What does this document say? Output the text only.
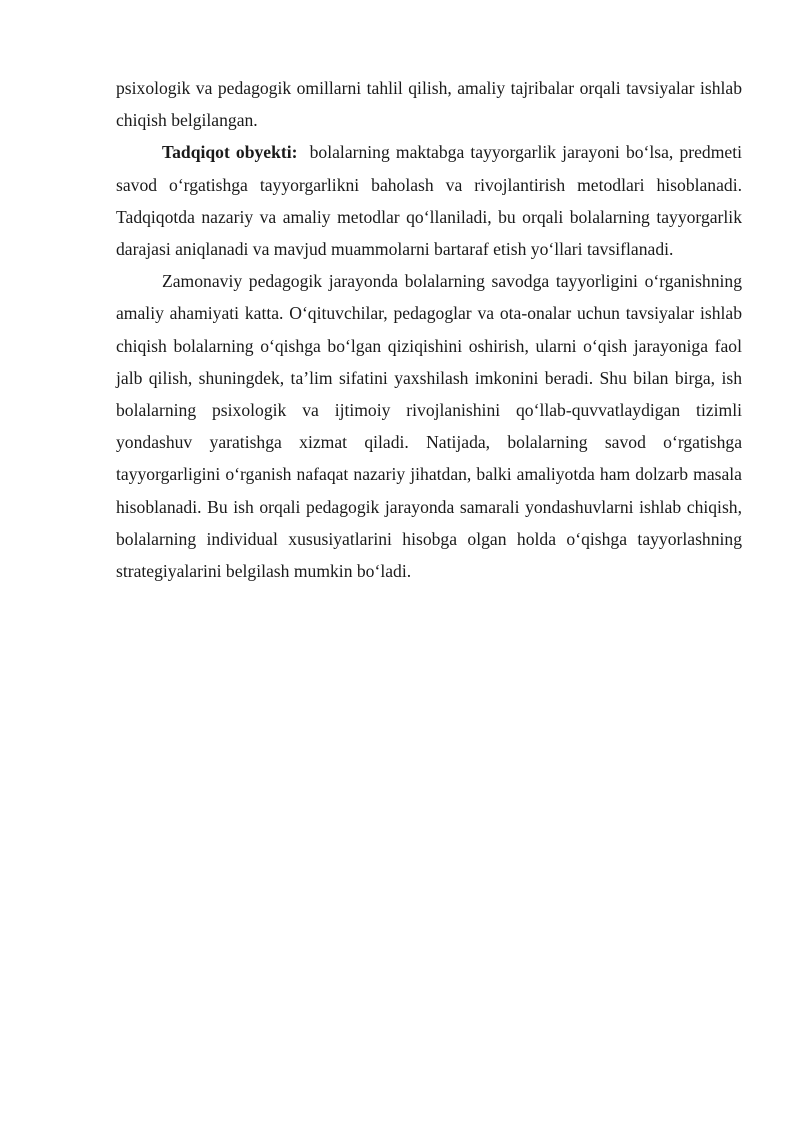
psixologik va pedagogik omillarni tahlil qilish, amaliy tajribalar orqali tavsiyalar ishlab chiqish belgilangan.

Tadqiqot obyekti: bolalarning maktabga tayyorgarlik jarayoni bo‘lsa, predmeti savod o‘rgatishga tayyorgarlikni baholash va rivojlantirish metodlari hisoblanadi. Tadqiqotda nazariy va amaliy metodlar qo‘llaniladi, bu orqali bolalarning tayyorgarlik darajasi aniqlanadi va mavjud muammolarni bartaraf etish yo‘llari tavsiflanadi.

Zamonaviy pedagogik jarayonda bolalarning savodga tayyorligini o‘rganishning amaliy ahamiyati katta. O‘qituvchilar, pedagoglar va ota-onalar uchun tavsiyalar ishlab chiqish bolalarning o‘qishga bo‘lgan qiziqishini oshirish, ularni o‘qish jarayoniga faol jalb qilish, shuningdek, ta’lim sifatini yaxshilash imkonini beradi. Shu bilan birga, ish bolalarning psixologik va ijtimoiy rivojlanishini qo‘llab-quvvatlaydigan tizimli yondashuv yaratishga xizmat qiladi. Natijada, bolalarning savod o‘rgatishga tayyorgarligini o‘rganish nafaqat nazariy jihatdan, balki amaliyotda ham dolzarb masala hisoblanadi. Bu ish orqali pedagogik jarayonda samarali yondashuvlarni ishlab chiqish, bolalarning individual xususiyatlarini hisobga olgan holda o‘qishga tayyorlashning strategiyalarini belgilash mumkin bo‘ladi.
